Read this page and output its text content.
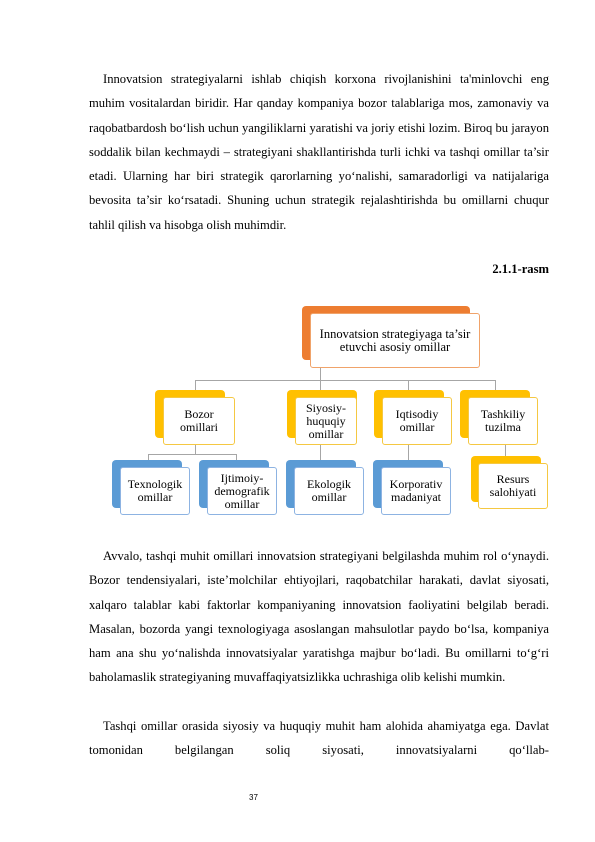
Innovatsion strategiyalarni ishlab chiqish korxona rivojlanishini ta'minlovchi eng muhim vositalardan biridir. Har qanday kompaniya bozor talablariga mos, zamonaviy va raqobatbardosh bo‘lish uchun yangiliklarni yaratishi va joriy etishi lozim. Biroq bu jarayon soddalik bilan kechmaydi – strategiyani shakllantirishda turli ichki va tashqi omillar ta’sir etadi. Ularning har biri strategik qarorlarning yo‘nalishi, samaradorligi va natijalariga bevosita ta’sir ko‘rsatadi. Shuning uchun strategik rejalashtirishda bu omillarni chuqur tahlil qilish va hisobga olish muhimdir.

2.1.1-rasm
Innovatsion strategiyaga ta’sir etuvchi asosiy omillar
Bozor omillari
Siyosiy-huquqiy omillar
Iqtisodiy omillar
Tashkiliy tuzilma
Texnologik omillar
Ijtimoiy-demografik omillar
Ekologik omillar
Korporativ madaniyat
Resurs salohiyati

Avvalo, tashqi muhit omillari innovatsion strategiyani belgilashda muhim rol o‘ynaydi. Bozor tendensiyalari, iste’molchilar ehtiyojlari, raqobatchilar harakati, davlat siyosati, xalqaro talablar kabi faktorlar kompaniyaning innovatsion faoliyatini belgilab beradi. Masalan, bozorda yangi texnologiyaga asoslangan mahsulotlar paydo bo‘lsa, kompaniya ham ana shu yo‘nalishda innovatsiyalar yaratishga majbur bo‘ladi. Bu omillarni to‘g‘ri baholamaslik strategiyaning muvaffaqiyatsizlikka uchrashiga olib kelishi mumkin.

Tashqi omillar orasida siyosiy va huquqiy muhit ham alohida ahamiyatga ega. Davlat tomonidan belgilangan soliq siyosati, innovatsiyalarni qo‘llab-

37
